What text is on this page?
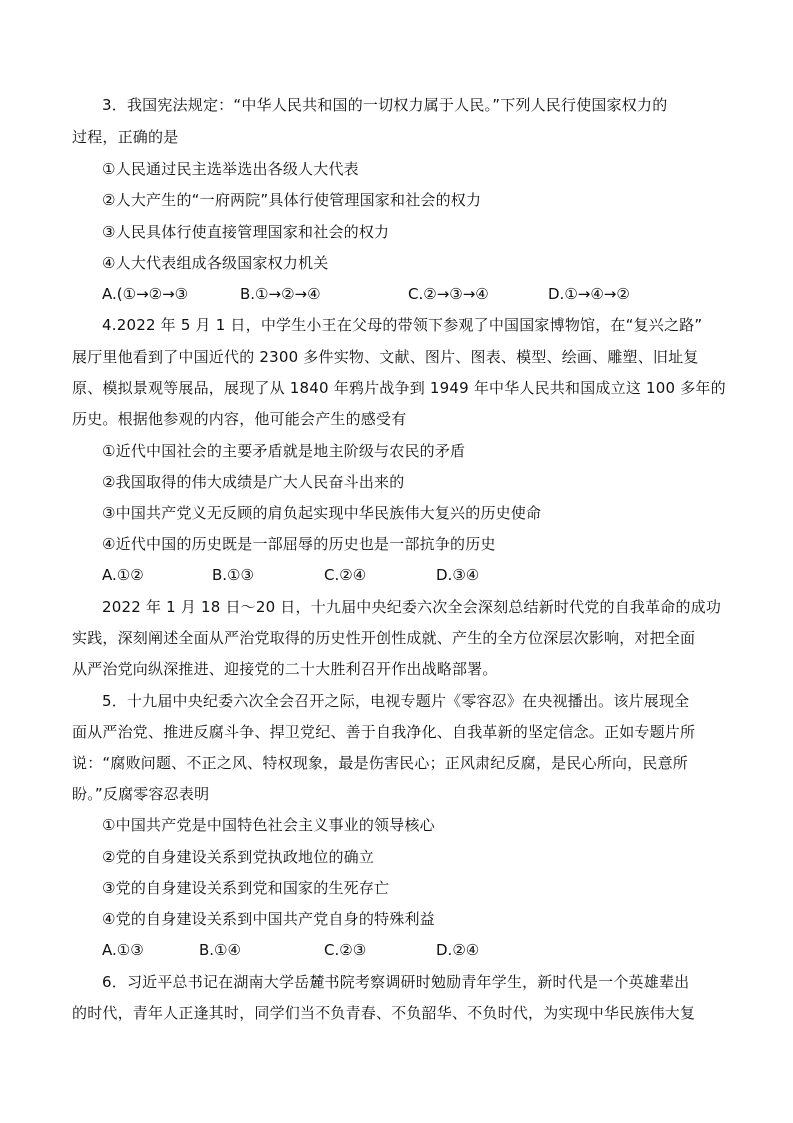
3．我国宪法规定：“中华人民共和国的一切权力属于人民。”下列人民行使国家权力的
过程，正确的是
①人民通过民主选举选出各级人大代表
②人大产生的“一府两院”具体行使管理国家和社会的权力
③人民具体行使直接管理国家和社会的权力
④人大代表组成各级国家权力机关
A.(①→②→③	B.①→②→④	C.②→③→④	D.①→④→②
4.2022 年 5 月 1 日，中学生小王在父母的带领下参观了中国国家博物馆，在“复兴之路”
展厅里他看到了中国近代的 2300 多件实物、文献、图片、图表、模型、绘画、雕塑、旧址复
原、模拟景观等展品，展现了从 1840 年鸦片战争到 1949 年中华人民共和国成立这 100 多年的
历史。根据他参观的内容，他可能会产生的感受有
①近代中国社会的主要矛盾就是地主阶级与农民的矛盾
②我国取得的伟大成绩是广大人民奋斗出来的
③中国共产党义无反顾的肩负起实现中华民族伟大复兴的历史使命
④近代中国的历史既是一部屈辱的历史也是一部抗争的历史
A.①②	B.①③	C.②④	D.③④
2022 年 1 月 18 日～20 日，十九届中央纪委六次全会深刻总结新时代党的自我革命的成功
实践，深刻阐述全面从严治党取得的历史性开创性成就、产生的全方位深层次影响，对把全面
从严治党向纵深推进、迎接党的二十大胜利召开作出战略部署。
5．十九届中央纪委六次全会召开之际，电视专题片《零容忍》在央视播出。该片展现全
面从严治党、推进反腐斗争、捍卫党纪、善于自我净化、自我革新的坚定信念。正如专题片所
说：“腐败问题、不正之风、特权现象，最是伤害民心；正风肃纪反腐，是民心所向，民意所
盼。”反腐零容忍表明
①中国共产党是中国特色社会主义事业的领导核心
②党的自身建设关系到党执政地位的确立
③党的自身建设关系到党和国家的生死存亡
④党的自身建设关系到中国共产党自身的特殊利益
A.①③	B.①④	C.②③	D.②④
6．习近平总书记在湖南大学岳麓书院考察调研时勉励青年学生，新时代是一个英雄辈出
的时代，青年人正逢其时，同学们当不负青春、不负韶华、不负时代，为实现中华民族伟大复
